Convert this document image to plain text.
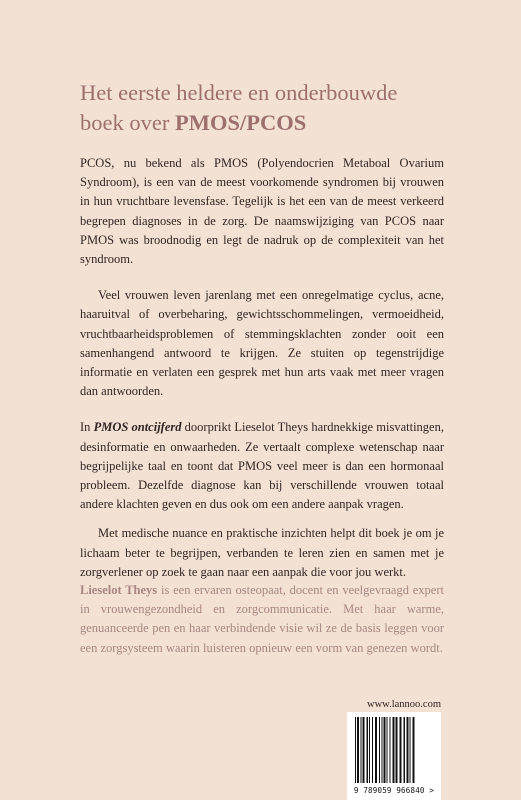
Het eerste heldere en onderbouwde
boek over PMOS/PCOS

PCOS, nu bekend als PMOS (Polyendocrien Metaboal Ovarium Syndroom), is een van de meest voorkomende syndromen bij vrouwen in hun vruchtbare levensfase. Tegelijk is het een van de meest verkeerd begrepen diagnoses in de zorg. De naamswijziging van PCOS naar PMOS was broodnodig en legt de nadruk op de complexiteit van het syndroom.

Veel vrouwen leven jarenlang met een onregelmatige cyclus, acne, haaruitval of overbeharing, gewichtsschommelingen, vermoeidheid, vruchtbaarheidsproblemen of stemmingsklachten zonder ooit een samenhangend antwoord te krijgen. Ze stuiten op tegenstrijdige informatie en verlaten een gesprek met hun arts vaak met meer vragen dan antwoorden.

In PMOS ontcijferd doorprikt Lieselot Theys hardnekkige misvattingen, desinformatie en onwaarheden. Ze vertaalt complexe wetenschap naar begrijpelijke taal en toont dat PMOS veel meer is dan een hormonaal probleem. Dezelfde diagnose kan bij verschillende vrouwen totaal andere klachten geven en dus ook om een andere aanpak vragen.

Met medische nuance en praktische inzichten helpt dit boek je om je lichaam beter te begrijpen, verbanden te leren zien en samen met je zorgverlener op zoek te gaan naar een aanpak die voor jou werkt.

Lieselot Theys is een ervaren osteopaat, docent en veelgevraagd expert in vrouwengezondheid en zorgcommunicatie. Met haar warme, genuanceerde pen en haar verbindende visie wil ze de basis leggen voor een zorgsysteem waarin luisteren opnieuw een vorm van genezen wordt.
www.lannoo.com
9 789059 966840 >
